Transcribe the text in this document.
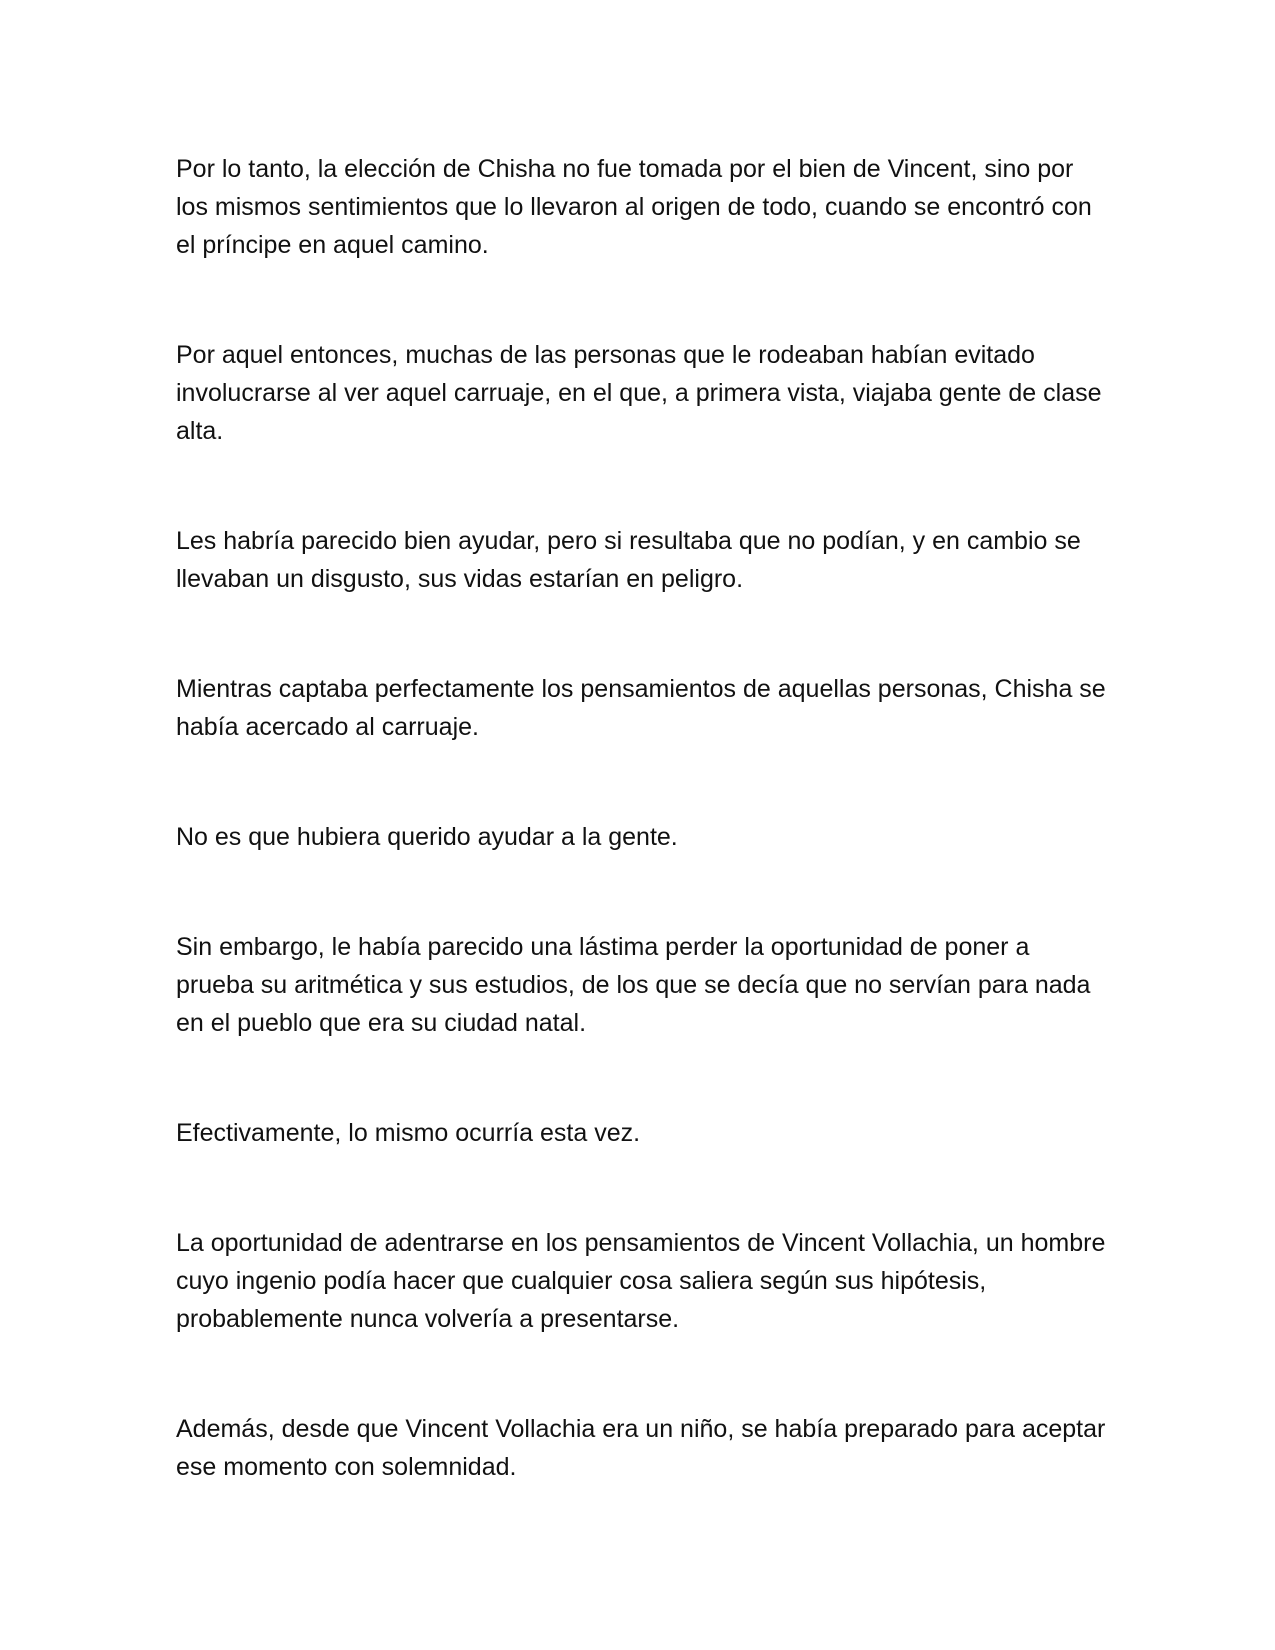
Por lo tanto, la elección de Chisha no fue tomada por el bien de Vincent, sino por los mismos sentimientos que lo llevaron al origen de todo, cuando se encontró con el príncipe en aquel camino.

Por aquel entonces, muchas de las personas que le rodeaban habían evitado involucrarse al ver aquel carruaje, en el que, a primera vista, viajaba gente de clase alta.

Les habría parecido bien ayudar, pero si resultaba que no podían, y en cambio se llevaban un disgusto, sus vidas estarían en peligro.

Mientras captaba perfectamente los pensamientos de aquellas personas, Chisha se había acercado al carruaje.

No es que hubiera querido ayudar a la gente.

Sin embargo, le había parecido una lástima perder la oportunidad de poner a prueba su aritmética y sus estudios, de los que se decía que no servían para nada en el pueblo que era su ciudad natal.

Efectivamente, lo mismo ocurría esta vez.

La oportunidad de adentrarse en los pensamientos de Vincent Vollachia, un hombre cuyo ingenio podía hacer que cualquier cosa saliera según sus hipótesis, probablemente nunca volvería a presentarse.

Además, desde que Vincent Vollachia era un niño, se había preparado para aceptar ese momento con solemnidad.
